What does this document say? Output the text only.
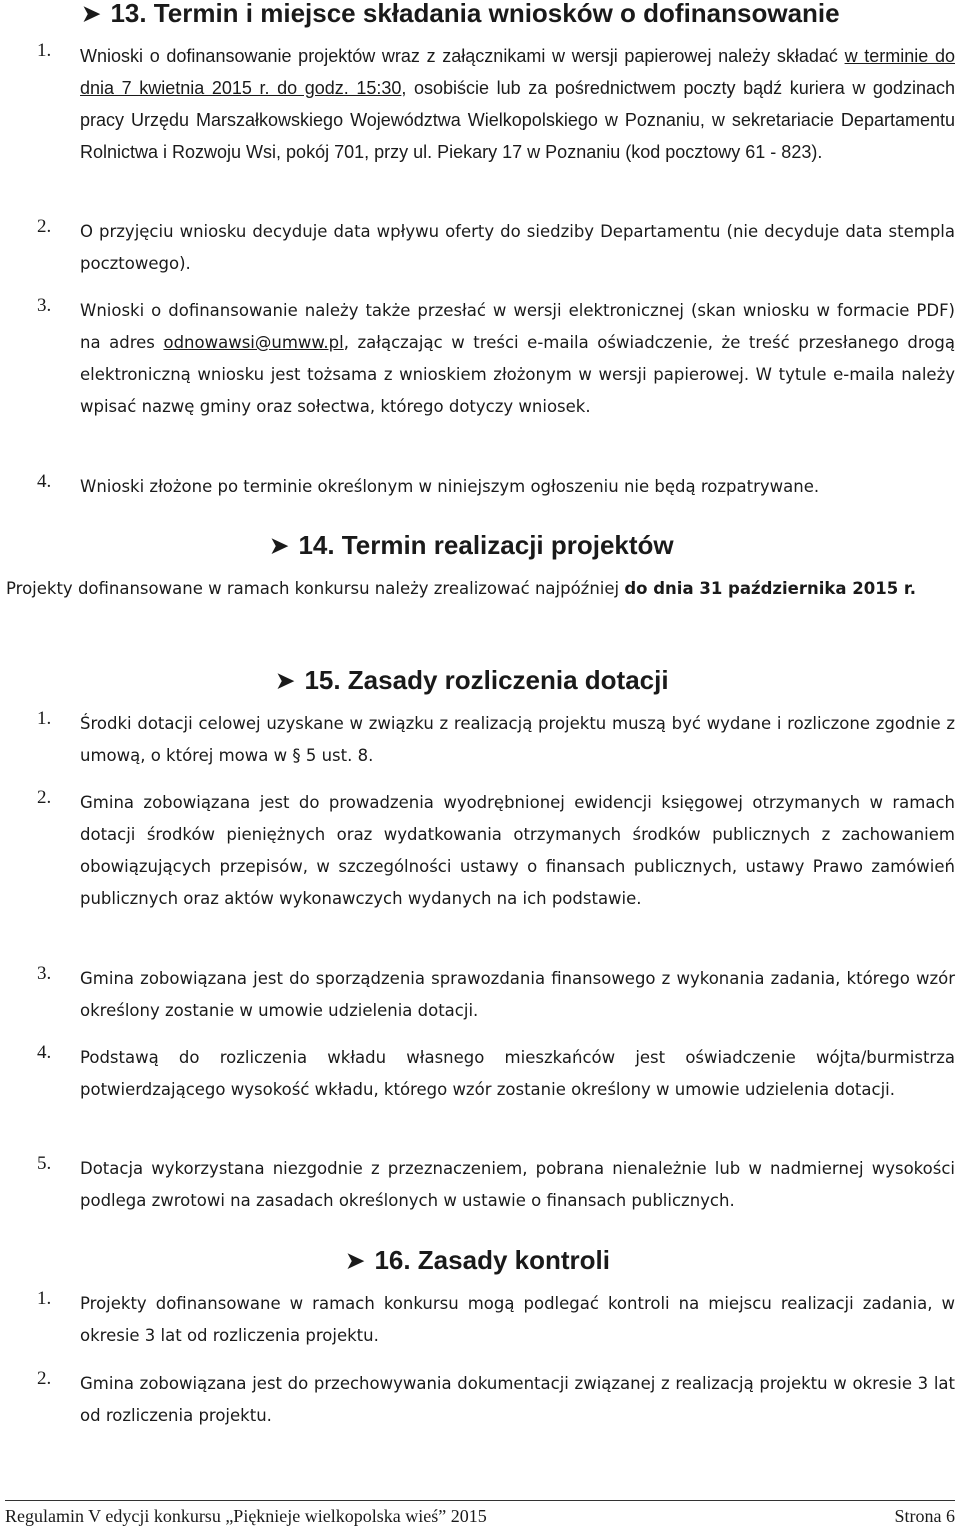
➤ 13. Termin i miejsce składania wniosków o dofinansowanie
1. Wnioski o dofinansowanie projektów wraz z załącznikami w wersji papierowej należy składać w terminie do dnia 7 kwietnia 2015 r. do godz. 15:30, osobiście lub za pośrednictwem poczty bądź kuriera w godzinach pracy Urzędu Marszałkowskiego Województwa Wielkopolskiego w Poznaniu, w sekretariacie Departamentu Rolnictwa i Rozwoju Wsi, pokój 701, przy ul. Piekary 17 w Poznaniu (kod pocztowy 61 - 823).
2. O przyjęciu wniosku decyduje data wpływu oferty do siedziby Departamentu (nie decyduje data stempla pocztowego).
3. Wnioski o dofinansowanie należy także przesłać w wersji elektronicznej (skan wniosku w formacie PDF) na adres odnowawsi@umww.pl, załączając w treści e-maila oświadczenie, że treść przesłanego drogą elektroniczną wniosku jest tożsama z wnioskiem złożonym w wersji papierowej. W tytule e-maila należy wpisać nazwę gminy oraz sołectwa, którego dotyczy wniosek.
4. Wnioski złożone po terminie określonym w niniejszym ogłoszeniu nie będą rozpatrywane.
➤ 14. Termin realizacji projektów
Projekty dofinansowane w ramach konkursu należy zrealizować najpóźniej do dnia 31 października 2015 r.
➤ 15. Zasady rozliczenia dotacji
1. Środki dotacji celowej uzyskane w związku z realizacją projektu muszą być wydane i rozliczone zgodnie z umową, o której mowa w § 5 ust. 8.
2. Gmina zobowiązana jest do prowadzenia wyodrębnionej ewidencji księgowej otrzymanych w ramach dotacji środków pieniężnych oraz wydatkowania otrzymanych środków publicznych z zachowaniem obowiązujących przepisów, w szczególności ustawy o finansach publicznych, ustawy Prawo zamówień publicznych oraz aktów wykonawczych wydanych na ich podstawie.
3. Gmina zobowiązana jest do sporządzenia sprawozdania finansowego z wykonania zadania, którego wzór określony zostanie w umowie udzielenia dotacji.
4. Podstawą do rozliczenia wkładu własnego mieszkańców jest oświadczenie wójta/burmistrza potwierdzającego wysokość wkładu, którego wzór zostanie określony w umowie udzielenia dotacji.
5. Dotacja wykorzystana niezgodnie z przeznaczeniem, pobrana nienależnie lub w nadmiernej wysokości podlega zwrotowi na zasadach określonych w ustawie o finansach publicznych.
➤ 16. Zasady kontroli
1. Projekty dofinansowane w ramach konkursu mogą podlegać kontroli na miejscu realizacji zadania, w okresie 3 lat od rozliczenia projektu.
2. Gmina zobowiązana jest do przechowywania dokumentacji związanej z realizacją projektu w okresie 3 lat od rozliczenia projektu.
Regulamin V edycji konkursu „Pięknieje wielkopolska wieś” 2015	Strona 6
